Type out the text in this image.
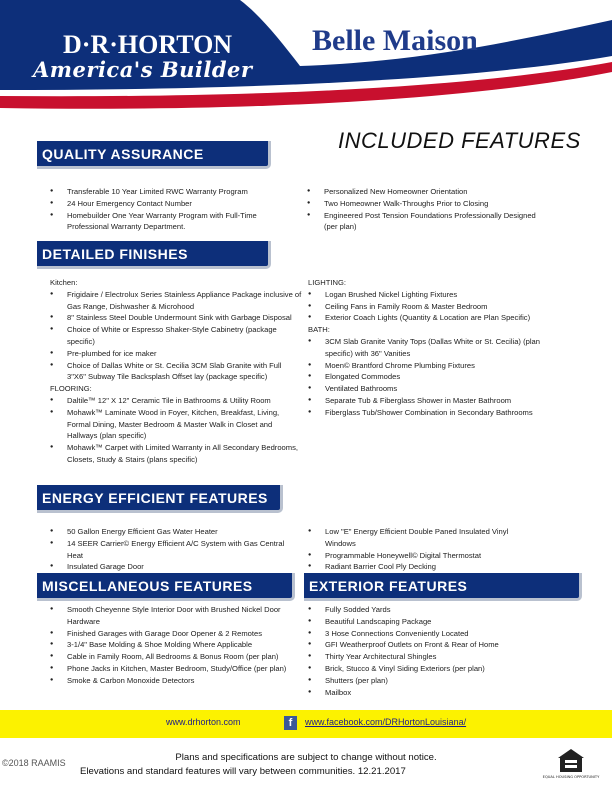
D·R·HORTON
America's Builder
Belle Maison
INCLUDED FEATURES
QUALITY ASSURANCE
● Transferable 10 Year Limited RWC Warranty Program
● 24 Hour Emergency Contact Number
● Homebuilder One Year Warranty Program with Full-Time Professional Warranty Department.
● Personalized New Homeowner Orientation
● Two Homeowner Walk-Throughs Prior to Closing
● Engineered Post Tension Foundations Professionally Designed (per plan)
DETAILED FINISHES
Kitchen:
● Frigidaire / Electrolux Series Stainless Appliance Package inclusive of Gas Range, Dishwasher & Microhood
● 8" Stainless Steel Double Undermount Sink with Garbage Disposal
● Choice of White or Espresso Shaker-Style Cabinetry (package specific)
● Pre-plumbed for ice maker
● Choice of Dallas White or St. Cecilia 3CM Slab Granite with Full 3"X6" Subway Tile Backsplash Offset lay (package specific)
FLOORING:
● Daltile™ 12" X 12" Ceramic Tile in Bathrooms & Utility Room
● Mohawk™ Laminate Wood in Foyer, Kitchen, Breakfast, Living, Formal Dining, Master Bedroom & Master Walk in Closet and Hallways (plan specific)
● Mohawk™ Carpet with Limited Warranty in All Secondary Bedrooms, Closets, Study & Stairs (plans specific)
LIGHTING:
● Logan Brushed Nickel Lighting Fixtures
● Ceiling Fans in Family Room & Master Bedroom
● Exterior Coach Lights (Quantity & Location are Plan Specific)
BATH:
● 3CM Slab Granite Vanity Tops (Dallas White or St. Cecilia) (plan specific) with 36" Vanities
● Moen© Brantford Chrome Plumbing Fixtures
● Elongated Commodes
● Ventilated Bathrooms
● Separate Tub & Fiberglass Shower in Master Bathroom
● Fiberglass Tub/Shower Combination in Secondary Bathrooms
ENERGY EFFICIENT FEATURES
● 50 Gallon Energy Efficient Gas Water Heater
● 14 SEER Carrier© Energy Efficient A/C System with Gas Central Heat
● Insulated Garage Door
● Low "E" Energy Efficient Double Paned Insulated Vinyl Windows
● Programmable Honeywell© Digital Thermostat
● Radiant Barrier Cool Ply Decking
MISCELLANEOUS FEATURES
● Smooth Cheyenne Style Interior Door with Brushed Nickel Door Hardware
● Finished Garages with Garage Door Opener & 2 Remotes
● 3-1/4" Base Molding & Shoe Molding Where Applicable
● Cable in Family Room, All Bedrooms & Bonus Room (per plan)
● Phone Jacks in Kitchen, Master Bedroom, Study/Office (per plan)
● Smoke & Carbon Monoxide Detectors
EXTERIOR FEATURES
● Fully Sodded Yards
● Beautiful Landscaping Package
● 3 Hose Connections Conveniently Located
● GFI Weatherproof Outlets on Front & Rear of Home
● Thirty Year Architectural Shingles
● Brick, Stucco & Vinyl Siding Exteriors (per plan)
● Shutters (per plan)
● Mailbox
www.drhorton.com	f	www.facebook.com/DRHortonLouisiana/
©2018 RAAMIS	Plans and specifications are subject to change without notice.
Elevations and standard features will vary between communities. 12.21.2017	EQUAL HOUSING OPPORTUNITY
